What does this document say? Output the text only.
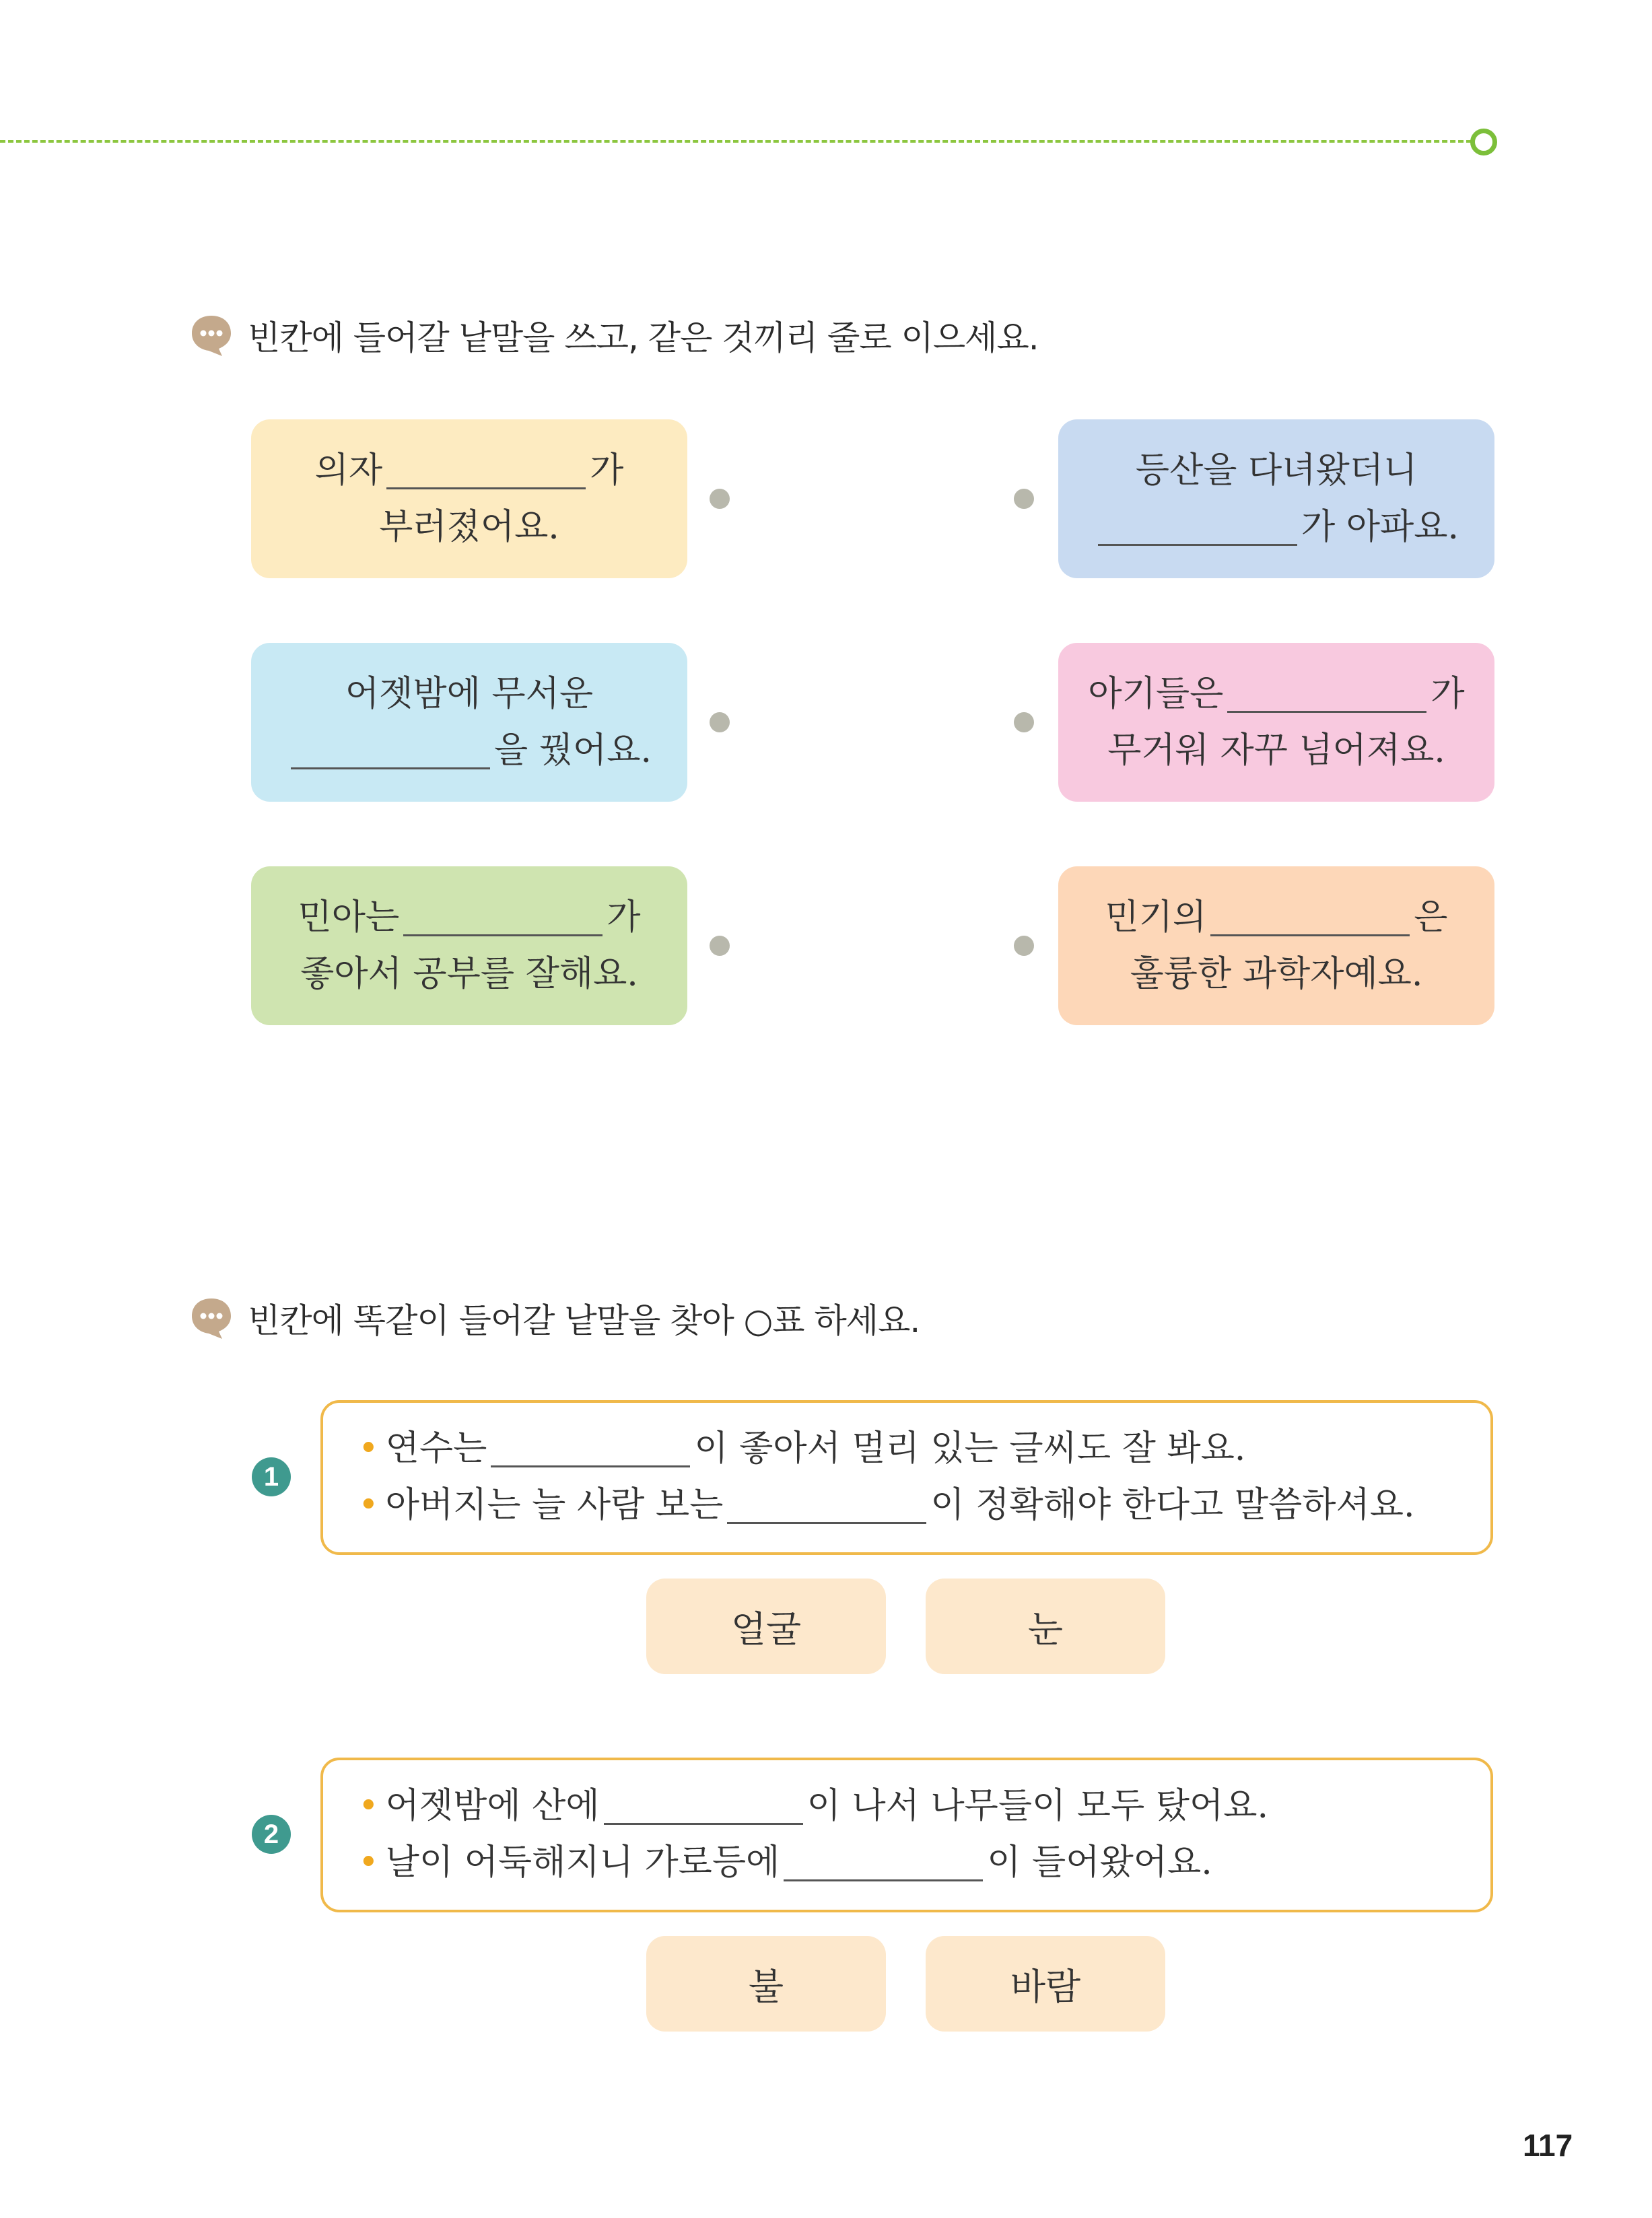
빈칸에 들어갈 낱말을 쓰고, 같은 것끼리 줄로 이으세요.
의자	가
부러졌어요.
어젯밤에 무서운
을 꿨어요.
민아는	가
좋아서 공부를 잘해요.
등산을 다녀왔더니
가 아파요.
아기들은	가
무거워 자꾸 넘어져요.
민기의	은
훌륭한 과학자예요.
빈칸에 똑같이 들어갈 낱말을 찾아 ○표 하세요.
1
• 연수는	이 좋아서 멀리 있는 글씨도 잘 봐요.
• 아버지는 늘 사람 보는	이 정확해야 한다고 말씀하셔요.
얼굴	눈
2
• 어젯밤에 산에	이 나서 나무들이 모두 탔어요.
• 날이 어둑해지니 가로등에	이 들어왔어요.
불	바람
117
